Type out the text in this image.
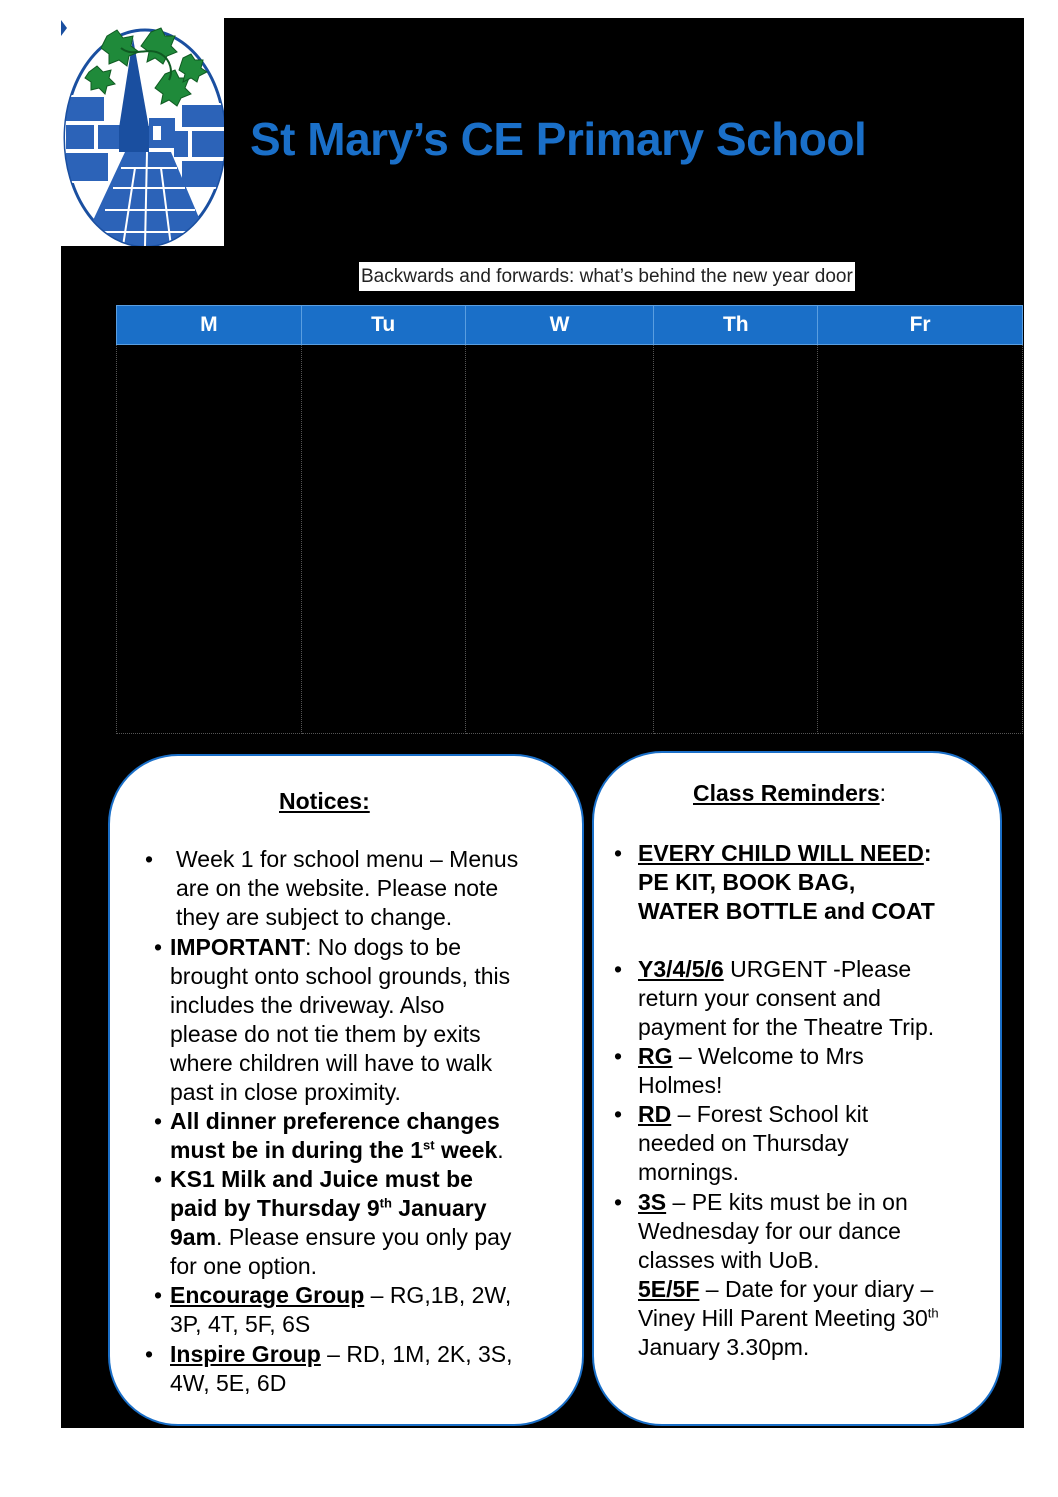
St Mary’s CE Primary School
Backwards and forwards: what’s behind the new year door
M	Tu	W	Th	Fr

Notices:
• Week 1 for school menu – Menus
are on the website. Please note
they are subject to change.
• IMPORTANT: No dogs to be
brought onto school grounds, this
includes the driveway. Also
please do not tie them by exits
where children will have to walk
past in close proximity.
• All dinner preference changes
must be in during the 1st week.
• KS1 Milk and Juice must be
paid by Thursday 9th January
9am. Please ensure you only pay
for one option.
• Encourage Group – RG,1B, 2W,
3P, 4T, 5F, 6S
• Inspire Group – RD, 1M, 2K, 3S,
4W, 5E, 6D
Class Reminders:
• EVERY CHILD WILL NEED:
PE KIT, BOOK BAG,
WATER BOTTLE and COAT
• Y3/4/5/6 URGENT -Please
return your consent and
payment for the Theatre Trip.
• RG – Welcome to Mrs
Holmes!
• RD – Forest School kit
needed on Thursday
mornings.
• 3S – PE kits must be in on
Wednesday for our dance
classes with UoB.
5E/5F – Date for your diary –
Viney Hill Parent Meeting 30th
January 3.30pm.
